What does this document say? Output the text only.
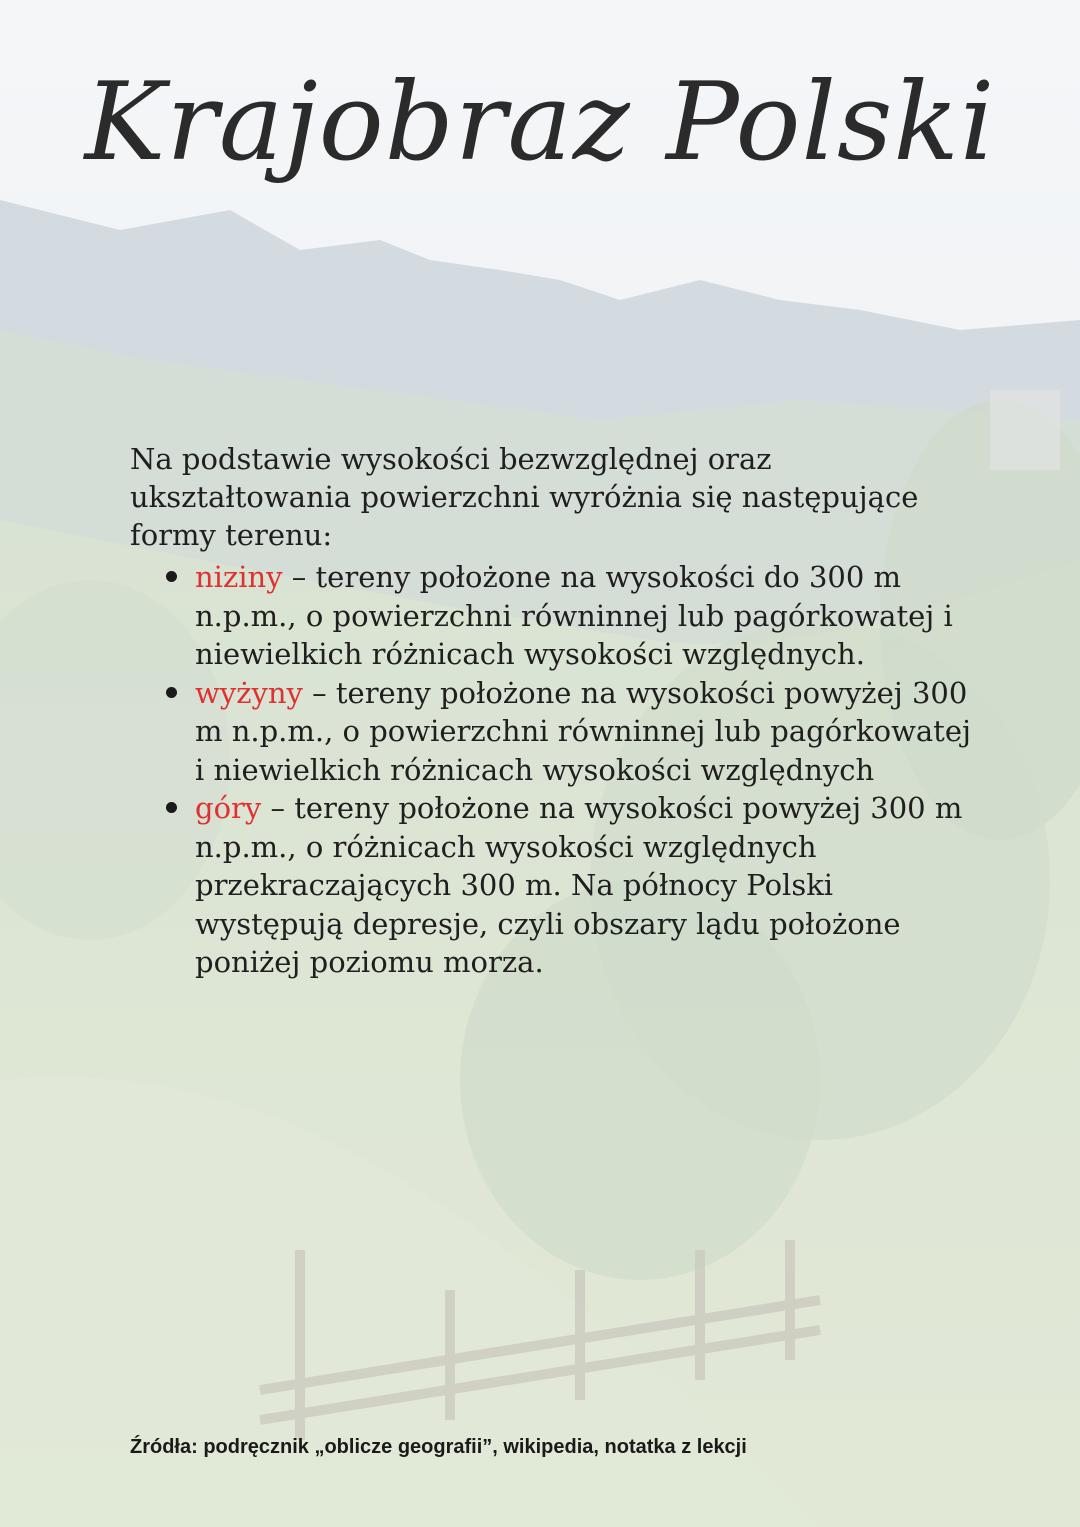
Krajobraz Polski

Na podstawie wysokości bezwzględnej oraz ukształtowania powierzchni wyróżnia się następujące formy terenu:

niziny – tereny położone na wysokości do 300 m n.p.m., o powierzchni równinnej lub pagórkowatej i niewielkich różnicach wysokości względnych.
wyżyny – tereny położone na wysokości powyżej 300 m n.p.m., o powierzchni równinnej lub pagórkowatej i niewielkich różnicach wysokości względnych
góry – tereny położone na wysokości powyżej 300 m n.p.m., o różnicach wysokości względnych przekraczających 300 m. Na północy Polski występują depresje, czyli obszary lądu położone poniżej poziomu morza.

Źródła: podręcznik „oblicze geografii”, wikipedia, notatka z lekcji
